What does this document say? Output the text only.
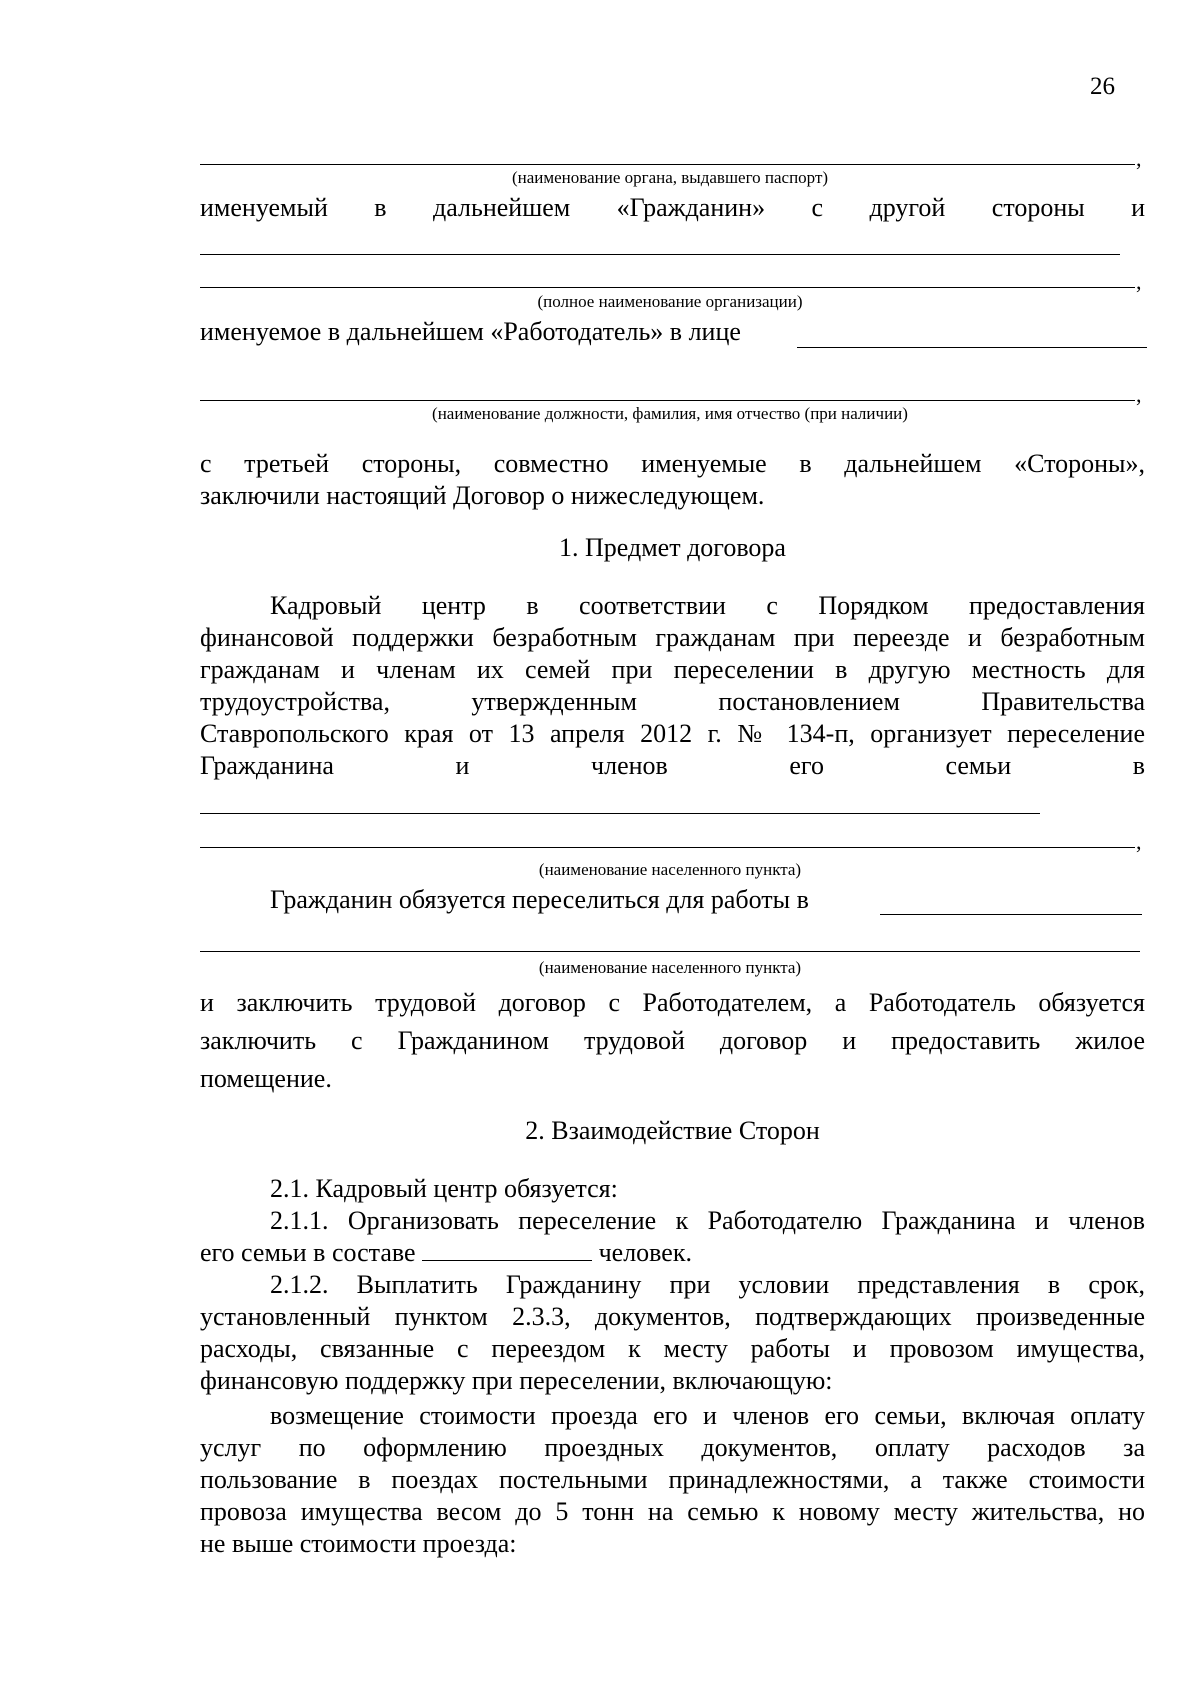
26
,
(наименование органа, выдавшего паспорт)
именуемый в дальнейшем «Гражданин» с другой стороны и
,
(полное наименование организации)
именуемое в дальнейшем «Работодатель» в лице
,
(наименование должности, фамилия, имя отчество (при наличии)
с третьей стороны, совместно именуемые в дальнейшем «Стороны»,
заключили настоящий Договор о нижеследующем.
1. Предмет договора
Кадровый центр в соответствии с Порядком предоставления
финансовой поддержки безработным гражданам при переезде и безработным
гражданам и членам их семей при переселении в другую местность для
трудоустройства, утвержденным постановлением Правительства
Ставропольского края от 13 апреля 2012 г. № 134-п, организует переселение
Гражданина	и	членов	его	семьи	в
,
(наименование населенного пункта)
Гражданин обязуется переселиться для работы в
(наименование населенного пункта)
и заключить трудовой договор с Работодателем, а Работодатель обязуется
заключить с Гражданином трудовой договор и предоставить жилое
помещение.
2. Взаимодействие Сторон
2.1. Кадровый центр обязуется:
2.1.1. Организовать переселение к Работодателю Гражданина и членов
его семьи в составе	человек.
2.1.2. Выплатить Гражданину при условии представления в срок,
установленный пунктом 2.3.3, документов, подтверждающих произведенные
расходы, связанные с переездом к месту работы и провозом имущества,
финансовую поддержку при переселении, включающую:
возмещение стоимости проезда его и членов его семьи, включая оплату
услуг по оформлению проездных документов, оплату расходов за
пользование в поездах постельными принадлежностями, а также стоимости
провоза имущества весом до 5 тонн на семью к новому месту жительства, но
не выше стоимости проезда:
